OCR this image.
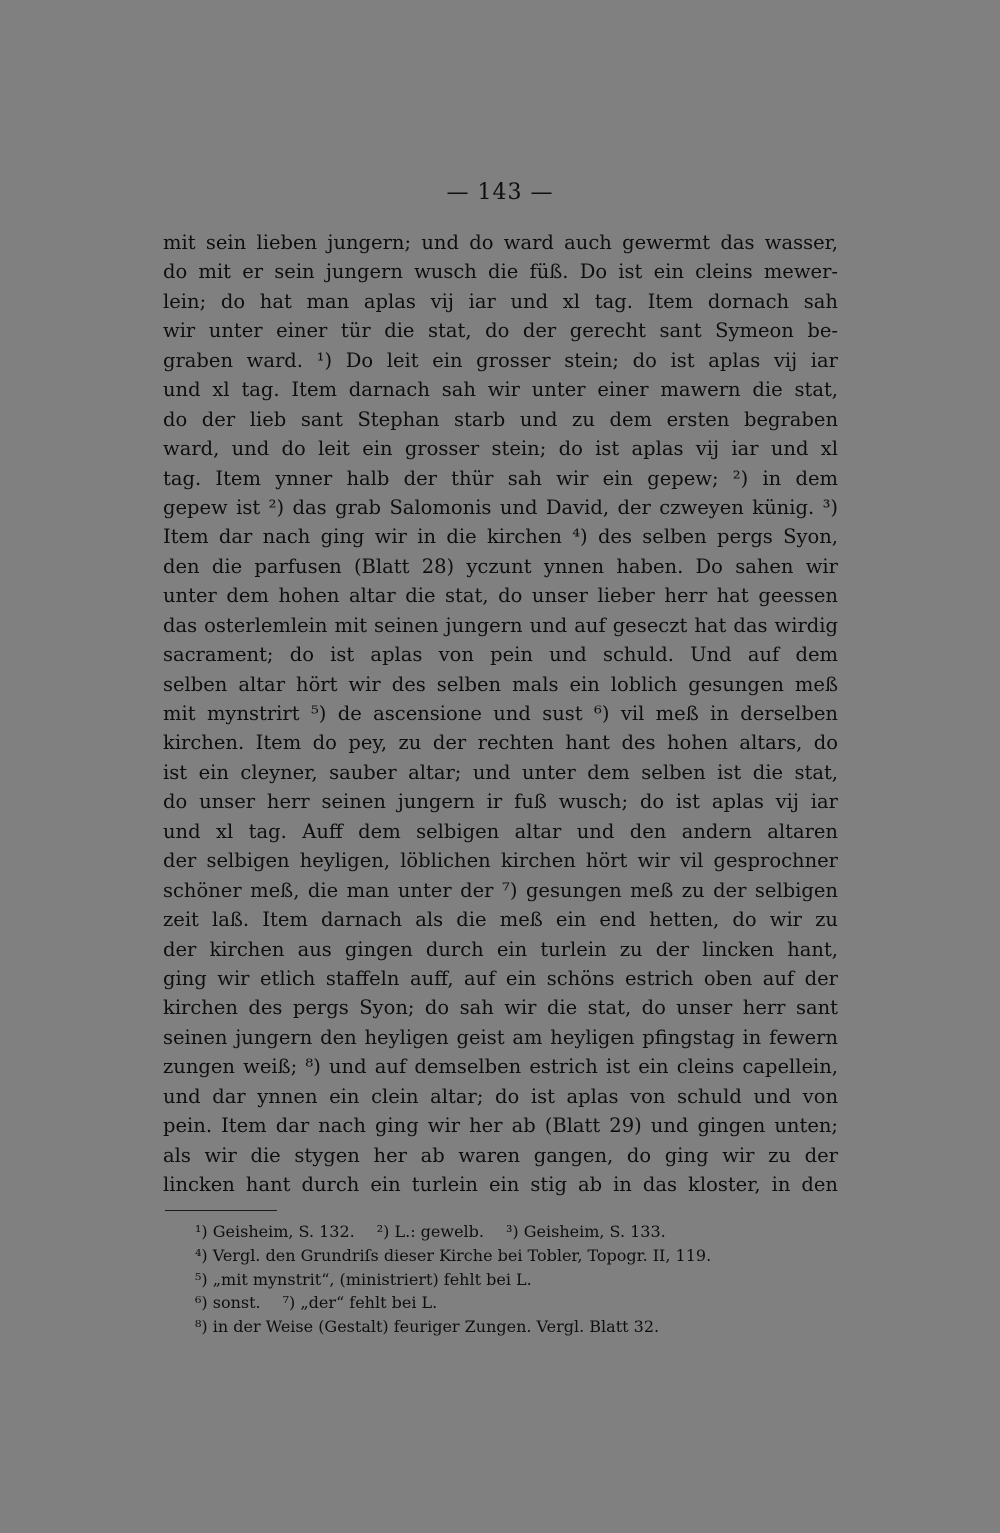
— 143 —
mit sein lieben jungern; und do ward auch gewermt das wasser,
do mit er sein jungern wusch die füß. Do ist ein cleins mewer-
lein; do hat man aplas vij iar und xl tag. Item dornach sah
wir unter einer tür die stat, do der gerecht sant Symeon be-
graben ward. ¹) Do leit ein grosser stein; do ist aplas vij iar
und xl tag. Item darnach sah wir unter einer mawern die stat,
do der lieb sant Stephan starb und zu dem ersten begraben
ward, und do leit ein grosser stein; do ist aplas vij iar und xl
tag. Item ynner halb der thür sah wir ein gepew; ²) in dem
gepew ist ²) das grab Salomonis und David, der czweyen künig. ³)
Item dar nach ging wir in die kirchen ⁴) des selben pergs Syon,
den die parfusen (Blatt 28) yczunt ynnen haben. Do sahen wir
unter dem hohen altar die stat, do unser lieber herr hat geessen
das osterlemlein mit seinen jungern und auf geseczt hat das wirdig
sacrament; do ist aplas von pein und schuld. Und auf dem
selben altar hört wir des selben mals ein loblich gesungen meß
mit mynstrirt ⁵) de ascensione und sust ⁶) vil meß in derselben
kirchen. Item do pey, zu der rechten hant des hohen altars, do
ist ein cleyner, sauber altar; und unter dem selben ist die stat,
do unser herr seinen jungern ir fuß wusch; do ist aplas vij iar
und xl tag. Auff dem selbigen altar und den andern altaren
der selbigen heyligen, löblichen kirchen hört wir vil gesprochner
schöner meß, die man unter der ⁷) gesungen meß zu der selbigen
zeit laß. Item darnach als die meß ein end hetten, do wir zu
der kirchen aus gingen durch ein turlein zu der lincken hant,
ging wir etlich staffeln auff, auf ein schöns estrich oben auf der
kirchen des pergs Syon; do sah wir die stat, do unser herr sant
seinen jungern den heyligen geist am heyligen pfingstag in fewern
zungen weiß; ⁸) und auf demselben estrich ist ein cleins capellein,
und dar ynnen ein clein altar; do ist aplas von schuld und von
pein. Item dar nach ging wir her ab (Blatt 29) und gingen unten;
als wir die stygen her ab waren gangen, do ging wir zu der
lincken hant durch ein turlein ein stig ab in das kloster, in den
¹) Geisheim, S. 132. ²) L.: gewelb. ³) Geisheim, S. 133.
⁴) Vergl. den Grundriſs dieser Kirche bei Tobler, Topogr. II, 119.
⁵) „mit mynstrit“, (ministriert) fehlt bei L.
⁶) sonst. ⁷) „der“ fehlt bei L.
⁸) in der Weise (Gestalt) feuriger Zungen. Vergl. Blatt 32.
